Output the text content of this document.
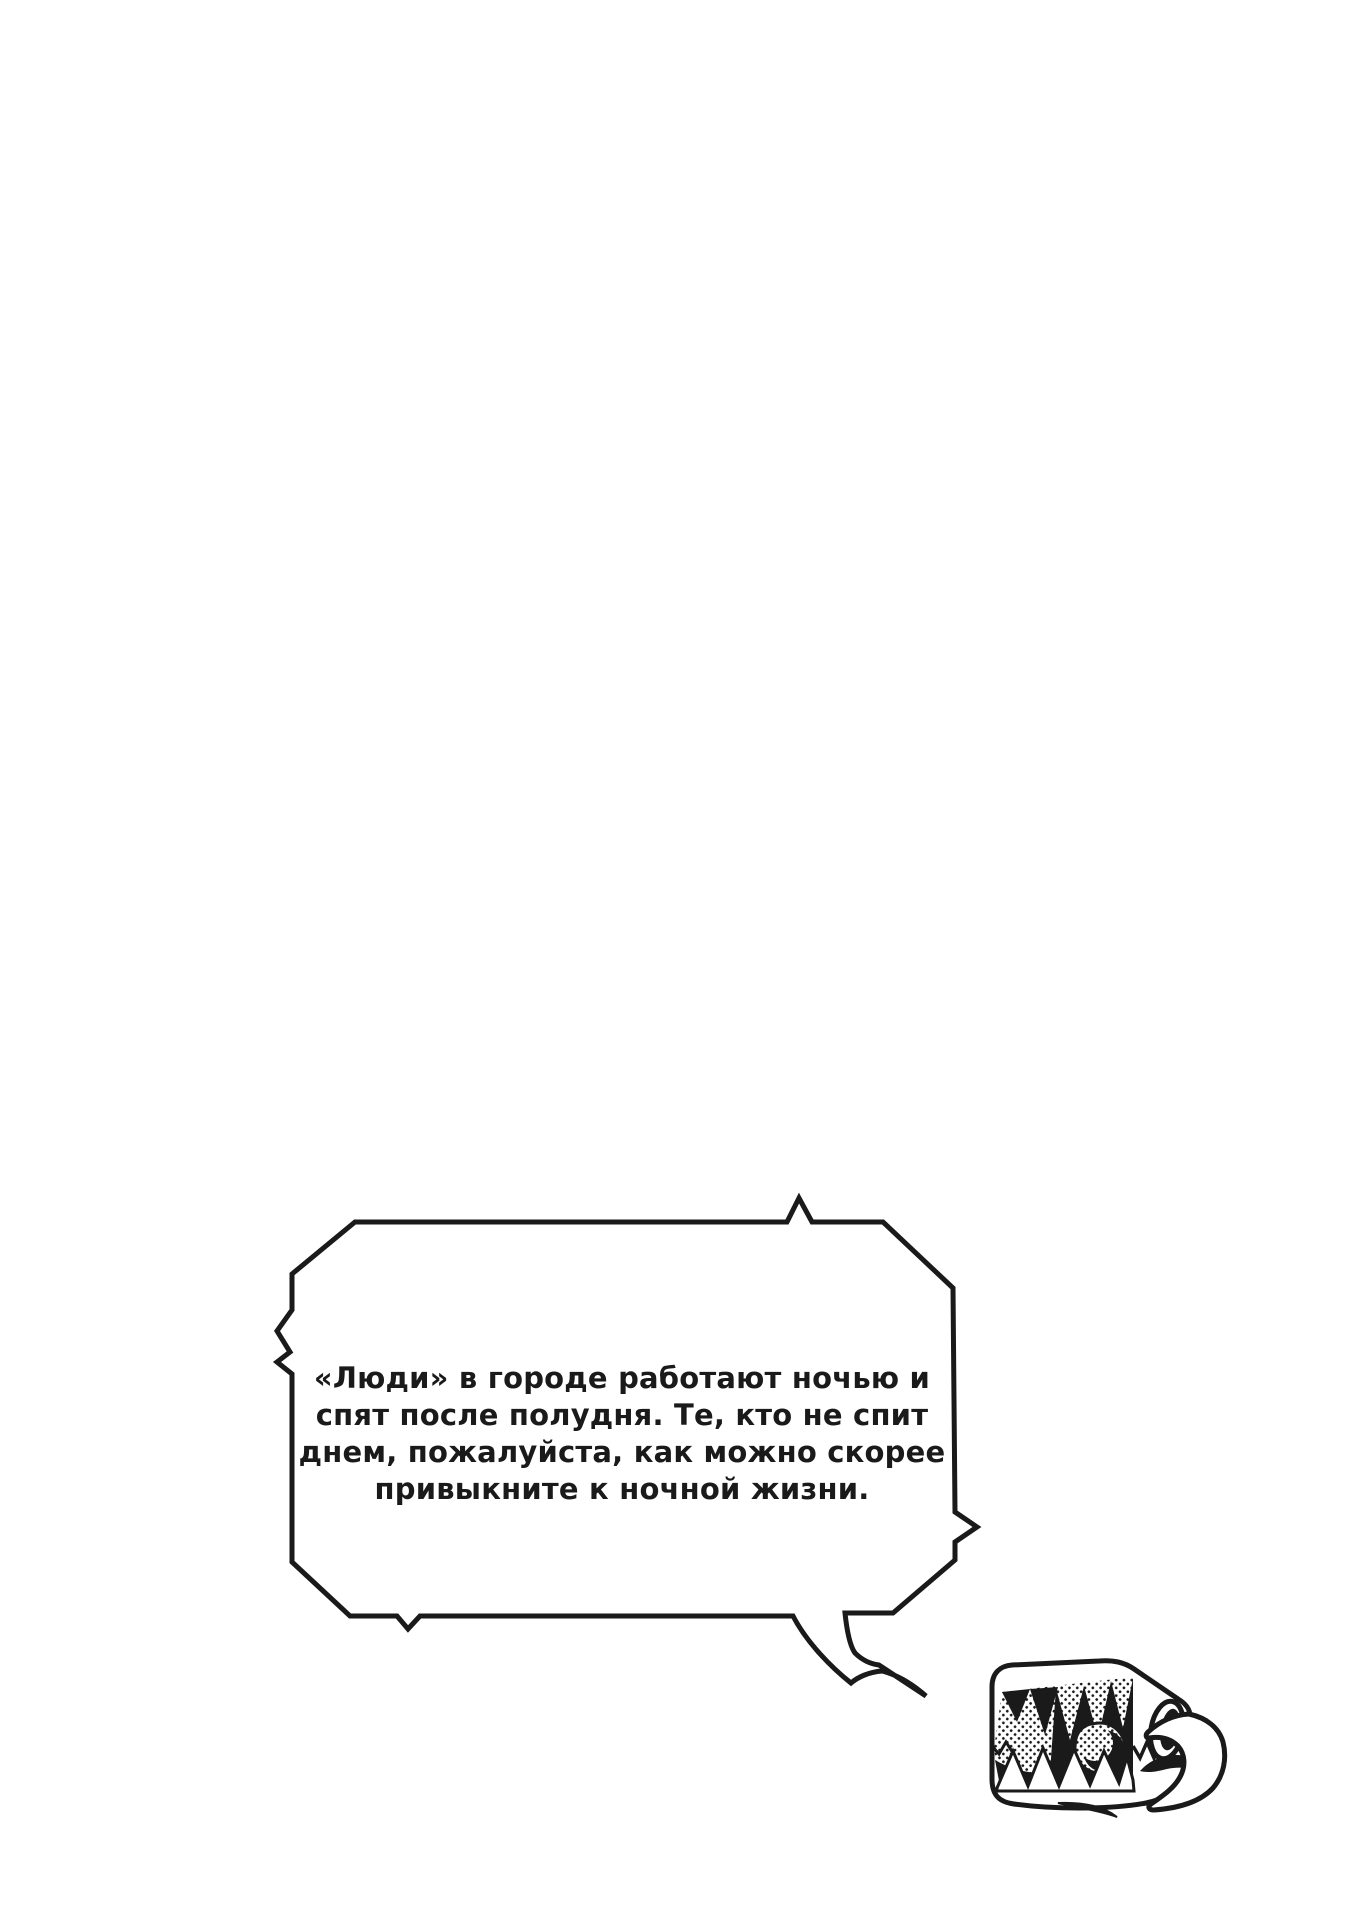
«Люди» в городе работают ночью и
спят после полудня. Те, кто не спит
днем, пожалуйста, как можно скорее
привыкните к ночной жизни.
